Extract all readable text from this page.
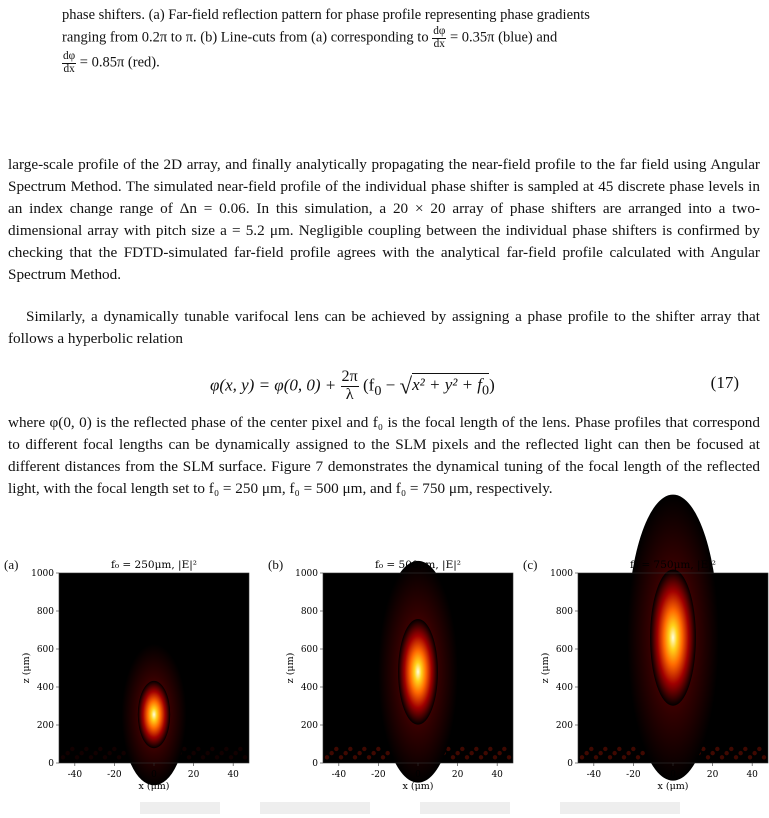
phase shifters. (a) Far-field reflection pattern for phase profile representing phase gradients
ranging from 0.2π to π. (b) Line-cuts from (a) corresponding to $\frac{d\varphi}{dx} = 0.35\pi$ (blue) and
$\frac{d\varphi}{dx} = 0.85\pi$ (red).
large-scale profile of the 2D array, and finally analytically propagating the near-field profile to the far field using Angular Spectrum Method. The simulated near-field profile of the individual phase shifter is sampled at 45 discrete phase levels in an index change range of Δn = 0.06. In this simulation, a 20 × 20 array of phase shifters are arranged into a two-dimensional array with pitch size a = 5.2 μm. Negligible coupling between the individual phase shifters is confirmed by checking that the FDTD-simulated far-field profile agrees with the analytical far-field profile calculated with Angular Spectrum Method.
Similarly, a dynamically tunable varifocal lens can be achieved by assigning a phase profile to the shifter array that follows a hyperbolic relation
φ(x, y) = φ(0, $0) + \frac{2\pi}{\lambda} (f_0 - √x^2 + y^2 + f_0)$	(17)
where φ(0, 0) is the reflected phase of the center pixel and f₀ is the focal length of the lens. Phase profiles that correspond to different focal lengths can be dynamically assigned to the SLM pixels and the reflected light can then be focused at different distances from the SLM surface. Figure 7 demonstrates the dynamical tuning of the focal length of the reflected light, with the focal length set to f₀ = 250 μm, f₀ = 500 μm, and f₀ = 750 μm, respectively.
(a)	f₀ = 250μm, |E|²
0
200
400
600
800
1000
-40	-20	0	20	40
x (μm)
z (μm)
(b)	f₀ = 500μm, |E|²
0
200
400
600
800
1000
-40	-20	0	20	40
x (μm)
z (μm)
(c)	f₀ = 750μm, |E|²
0
200
400
600
800
1000
-40	-20	0	20	40
x (μm)
z (μm)
